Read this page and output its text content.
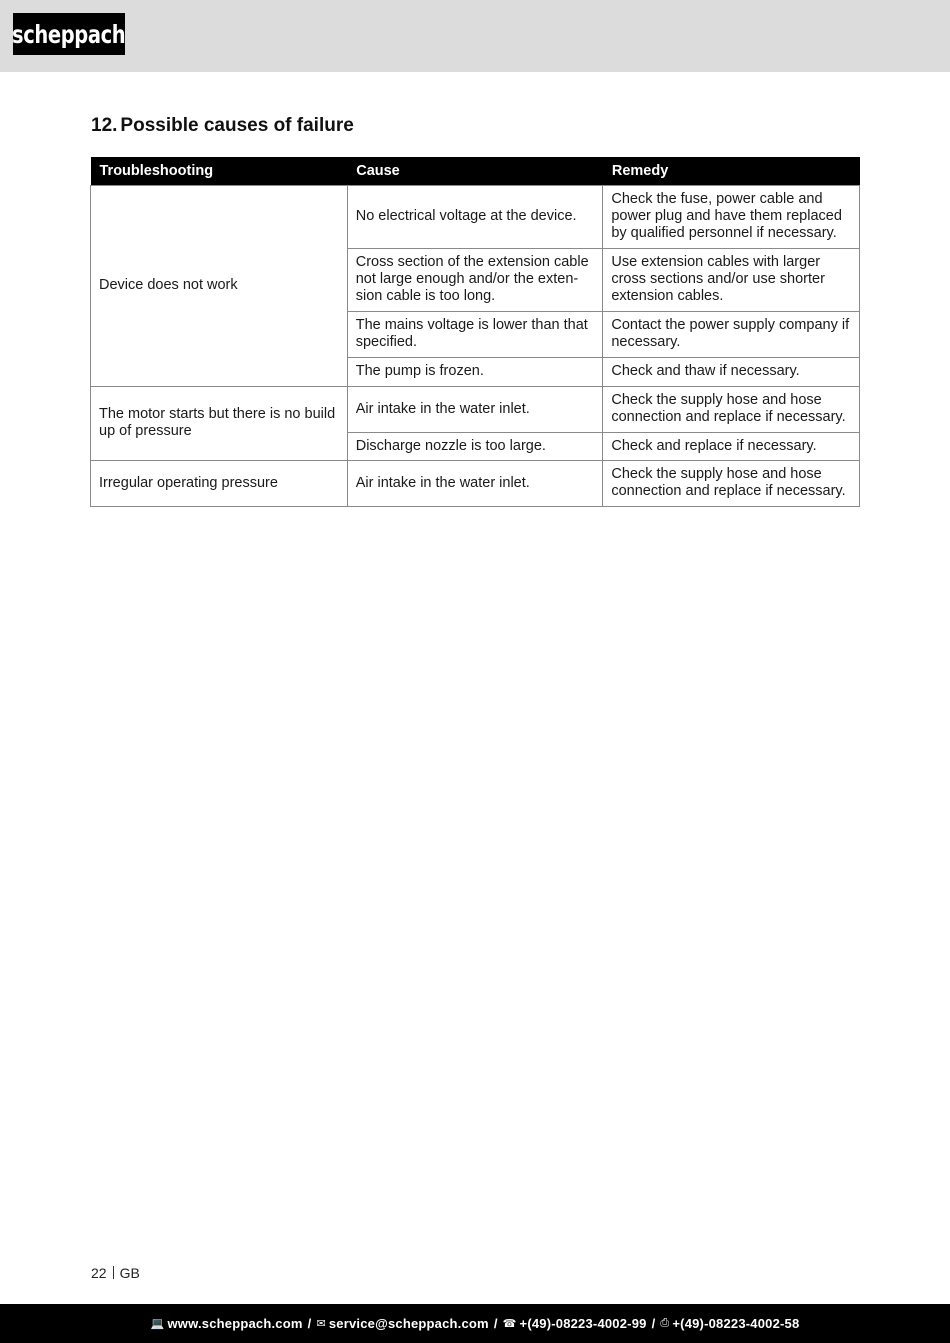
scheppach
12. Possible causes of failure
Troubleshooting	Cause	Remedy
Device does not work	No electrical voltage at the device.	Check the fuse, power cable and power plug and have them replaced by qualified personnel if necessary.
	Cross section of the extension cable not large enough and/or the exten-sion cable is too long.	Use extension cables with larger cross sections and/or use shorter extension cables.
	The mains voltage is lower than that specified.	Contact the power supply company if necessary.
	The pump is frozen.	Check and thaw if necessary.
The motor starts but there is no build up of pressure	Air intake in the water inlet.	Check the supply hose and hose connection and replace if necessary.
	Discharge nozzle is too large.	Check and replace if necessary.
Irregular operating pressure	Air intake in the water inlet.	Check the supply hose and hose connection and replace if necessary.
22 GB
💻 www.scheppach.com / ✉ service@scheppach.com / ☎ +(49)-08223-4002-99 / ⎙ +(49)-08223-4002-58
